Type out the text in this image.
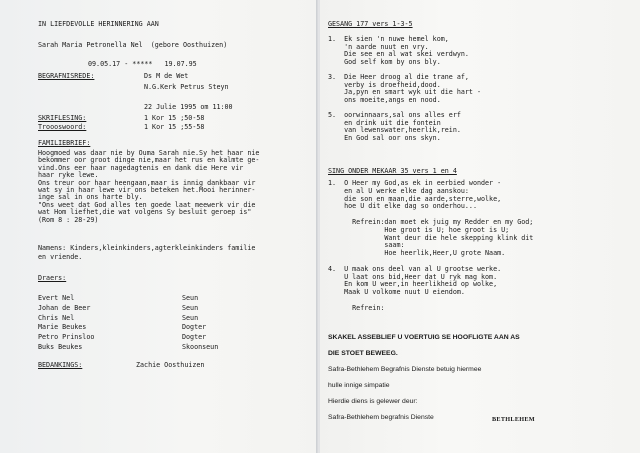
IN LIEFDEVOLLE HERINNERING AAN
Sarah Maria Petronella Nel  (gebore Oosthuizen)
09.05.17 - *****   19.07.95
BEGRAFNISREDE:	Ds M de Wet
N.G.Kerk Petrus Steyn
22 Julie 1995 om 11:00
SKRIFLESING:	1 Kor 15 ;50-58
Troooswoord:	1 Kor 15 ;55-58
FAMILIEBRIEF:
Hoogmoed was daar nie by Ouma Sarah nie.Sy het haar nie
bekommer oor groot dinge nie,maar het rus en kalmte ge-
vind.Ons eer haar nagedagtenis en dank die Here vir
haar ryke lewe.
Ons treur oor haar heengaan,maar is innig dankbaar vir
wat sy in haar lewe vir ons beteken het.Mooi herinner-
inge sal in ons harte bly.
"Ons weet dat God alles ten goede laat meewerk vir die
wat Hom liefhet,die wat volgens Sy besluit geroep is"
(Rom 8 : 28-29)
Namens: Kinders,kleinkinders,agterkleinkinders familie
en vriende.
Draers:
Evert Nel	Seun
Johan de Beer	Seun
Chris Nel	Seun
Marie Beukes	Dogter
Petro Prinsloo	Dogter
Buks Beukes	Skoonseun
BEDANKINGS:	Zachie Oosthuizen
GESANG 177 vers 1-3-5
1.  Ek sien 'n nuwe hemel kom,
'n aarde nuut en vry.
Die see en al wat skei verdwyn.
God self kom by ons bly.
3.  Die Heer droog al die trane af,
verby is droefheid,dood.
Ja,pyn en smart wyk uit die hart -
ons moeite,angs en nood.
5.  oorwinnaars,sal ons alles erf
en drink uit die fontein
van lewenswater,heerlik,rein.
En God sal oor ons skyn.
SING ONDER MEKAAR 35 vers 1 en 4
1.  O Heer my God,as ek in eerbied wonder -
en al U werke elke dag aanskou:
die son en maan,die aarde,sterre,wolke,
hoe U dit elke dag so onderhou...
Refrein:dan moet ek juig my Redder en my God;
Hoe groot is U; hoe groot is U;
Want deur die hele skepping klink dit
saam:
Hoe heerlik,Heer,U grote Naam.
4.  U maak ons deel van al U grootse werke.
U laat ons bid,Heer dat U ryk mag kom.
En kom U weer,in heerlikheid op wolke,
Maak U volkome nuut U eiendom.
Refrein:
SKAKEL ASSEBLIEF U VOERTUIG SE HOOFLIGTE AAN AS
DIE STOET BEWEEG.
Safra-Bethlehem Begrafnis Dienste betuig hiermee
hulle innige simpatie
Hierdie diens is gelewer deur:
Safra-Bethlehem begrafnis Dienste	BETHLEHEM
